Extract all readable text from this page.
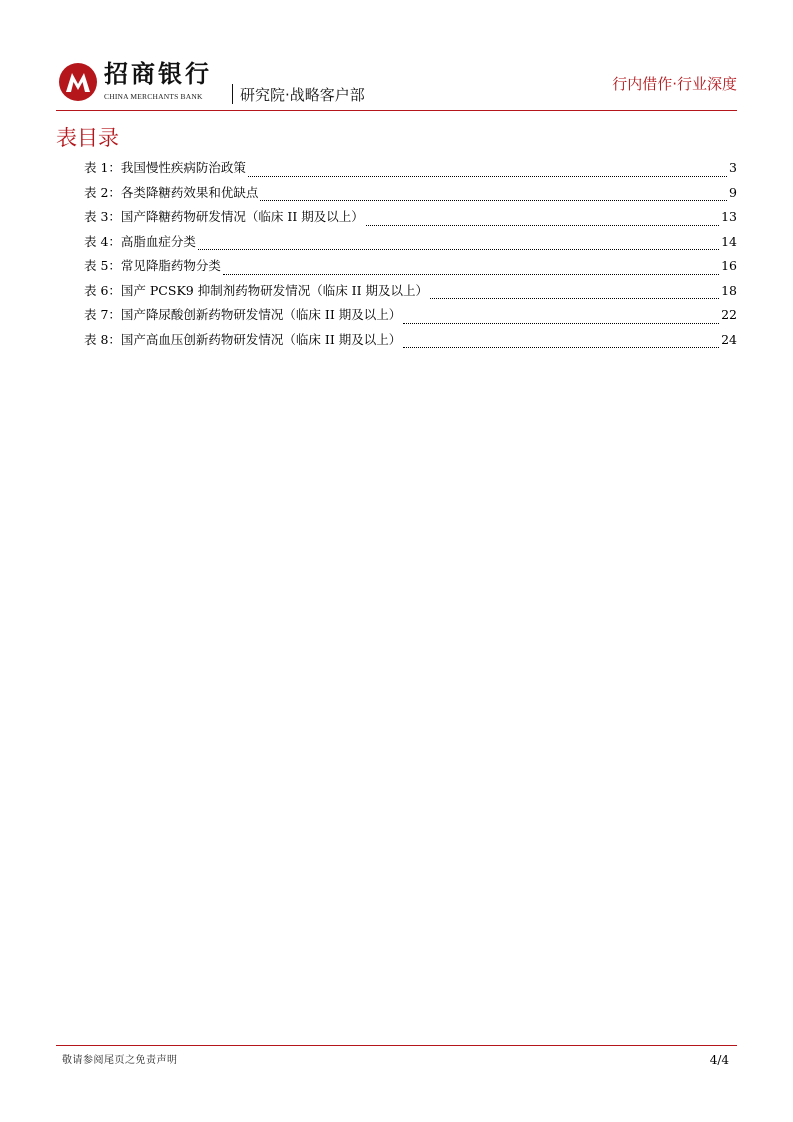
招商银行
CHINA MERCHANTS BANK 研究院·战略客户部
行内借作·行业深度
表目录
表 1：我国慢性疾病防治政策	3
表 2：各类降糖药效果和优缺点	9
表 3：国产降糖药物研发情况（临床 II 期及以上）	13
表 4：高脂血症分类	14
表 5：常见降脂药物分类	16
表 6：国产 PCSK9 抑制剂药物研发情况（临床 II 期及以上）	18
表 7：国产降尿酸创新药物研发情况（临床 II 期及以上）	22
表 8：国产高血压创新药物研发情况（临床 II 期及以上）	24
敬请参阅尾页之免责声明	4/4
